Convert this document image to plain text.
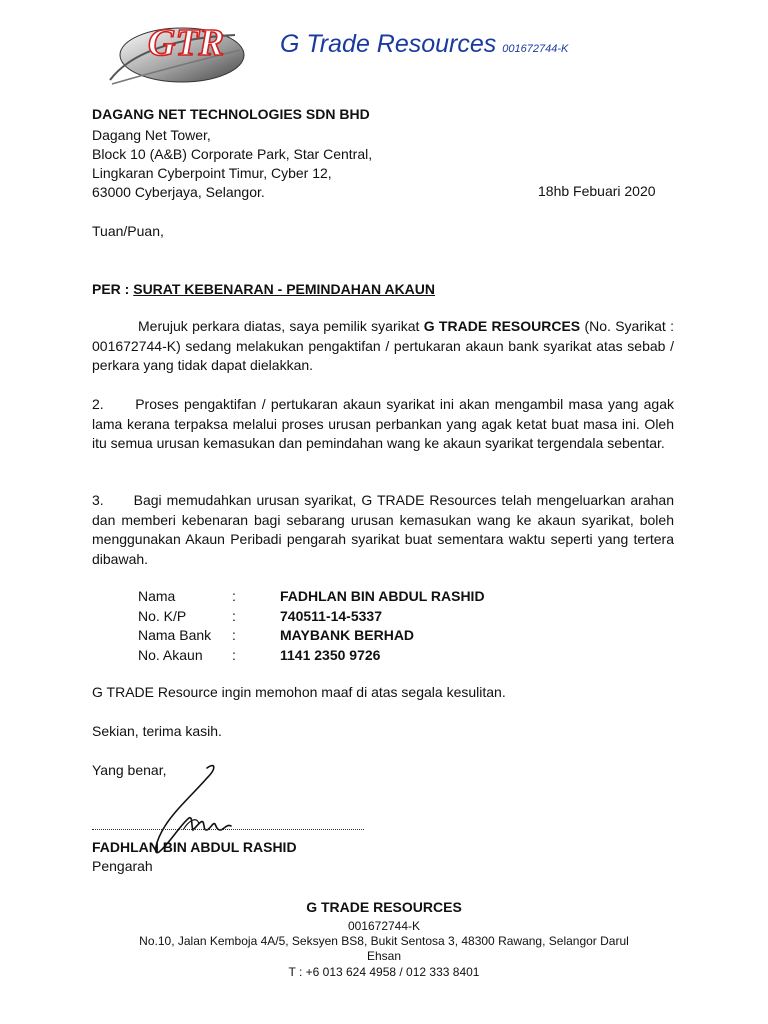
GTR G Trade Resources 001672744-K
DAGANG NET TECHNOLOGIES SDN BHD
Dagang Net Tower,
Block 10 (A&B) Corporate Park, Star Central,
Lingkaran Cyberpoint Timur, Cyber 12,
63000 Cyberjaya, Selangor.	18hb Febuari 2020
Tuan/Puan,
PER : SURAT KEBENARAN - PEMINDAHAN AKAUN
Merujuk perkara diatas, saya pemilik syarikat G TRADE RESOURCES (No. Syarikat : 001672744-K) sedang melakukan pengaktifan / pertukaran akaun bank syarikat atas sebab / perkara yang tidak dapat dielakkan.
2.      Proses pengaktifan / pertukaran akaun syarikat ini akan mengambil masa yang agak lama kerana terpaksa melalui proses urusan perbankan yang agak ketat buat masa ini. Oleh itu semua urusan kemasukan dan pemindahan wang ke akaun syarikat tergendala sebentar.
3.      Bagi memudahkan urusan syarikat, G TRADE Resources telah mengeluarkan arahan dan memberi kebenaran bagi sebarang urusan kemasukan wang ke akaun syarikat, boleh menggunakan Akaun Peribadi pengarah syarikat buat sementara waktu seperti yang tertera dibawah.
Nama	:	FADHLAN BIN ABDUL RASHID
No. K/P	:	740511-14-5337
Nama Bank	:	MAYBANK BERHAD
No. Akaun	:	1141 2350 9726
G TRADE Resource ingin memohon maaf di atas segala kesulitan.
Sekian, terima kasih.
Yang benar,
FADHLAN BIN ABDUL RASHID
Pengarah
G TRADE RESOURCES
001672744-K
No.10, Jalan Kemboja 4A/5, Seksyen BS8, Bukit Sentosa 3, 48300 Rawang, Selangor Darul
Ehsan
T : +6 013 624 4958 / 012 333 8401
